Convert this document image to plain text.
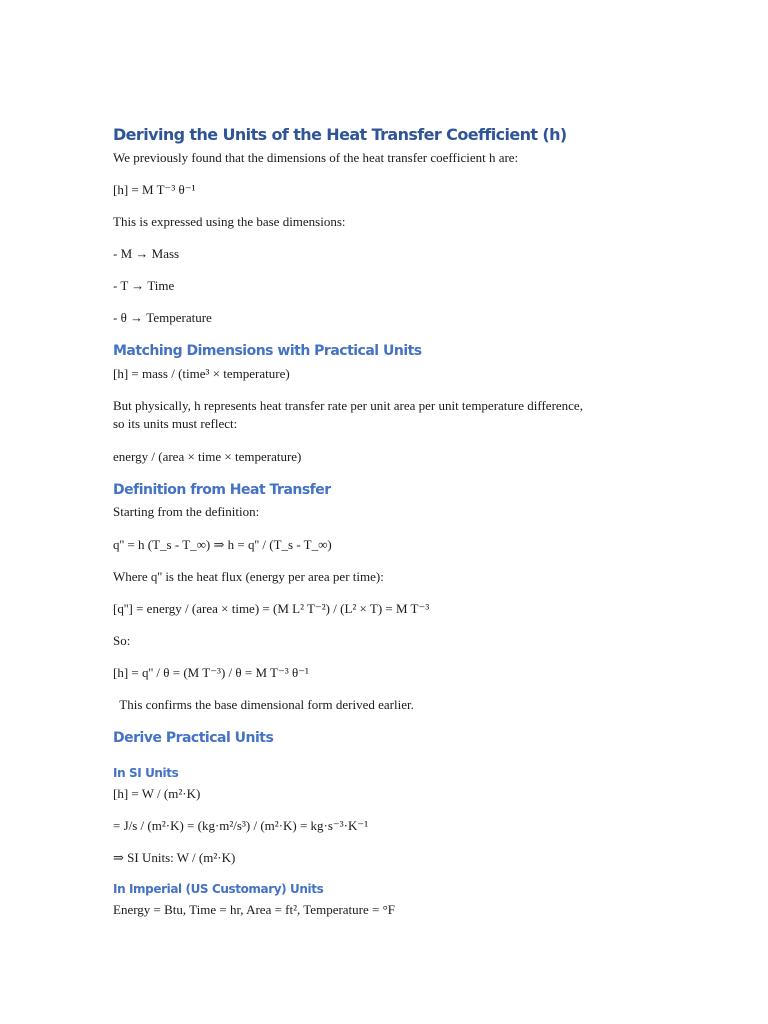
Deriving the Units of the Heat Transfer Coefficient (h)

We previously found that the dimensions of the heat transfer coefficient h are:

[h] = M T⁻³ θ⁻¹

This is expressed using the base dimensions:

- M → Mass

- T → Time

- θ → Temperature

Matching Dimensions with Practical Units

[h] = mass / (time³ × temperature)

But physically, h represents heat transfer rate per unit area per unit temperature difference,

so its units must reflect:

energy / (area × time × temperature)

Definition from Heat Transfer

Starting from the definition:

q'' = h (T_s - T_∞) ⇒ h = q'' / (T_s - T_∞)

Where q'' is the heat flux (energy per area per time):

[q''] = energy / (area × time) = (M L² T⁻²) / (L² × T) = M T⁻³

So:

[h] = q'' / θ = (M T⁻³) / θ = M T⁻³ θ⁻¹

This confirms the base dimensional form derived earlier.

Derive Practical Units
In SI Units

[h] = W / (m²·K)

= J/s / (m²·K) = (kg·m²/s³) / (m²·K) = kg·s⁻³·K⁻¹

⇒ SI Units: W / (m²·K)

In Imperial (US Customary) Units

Energy = Btu, Time = hr, Area = ft², Temperature = °F
